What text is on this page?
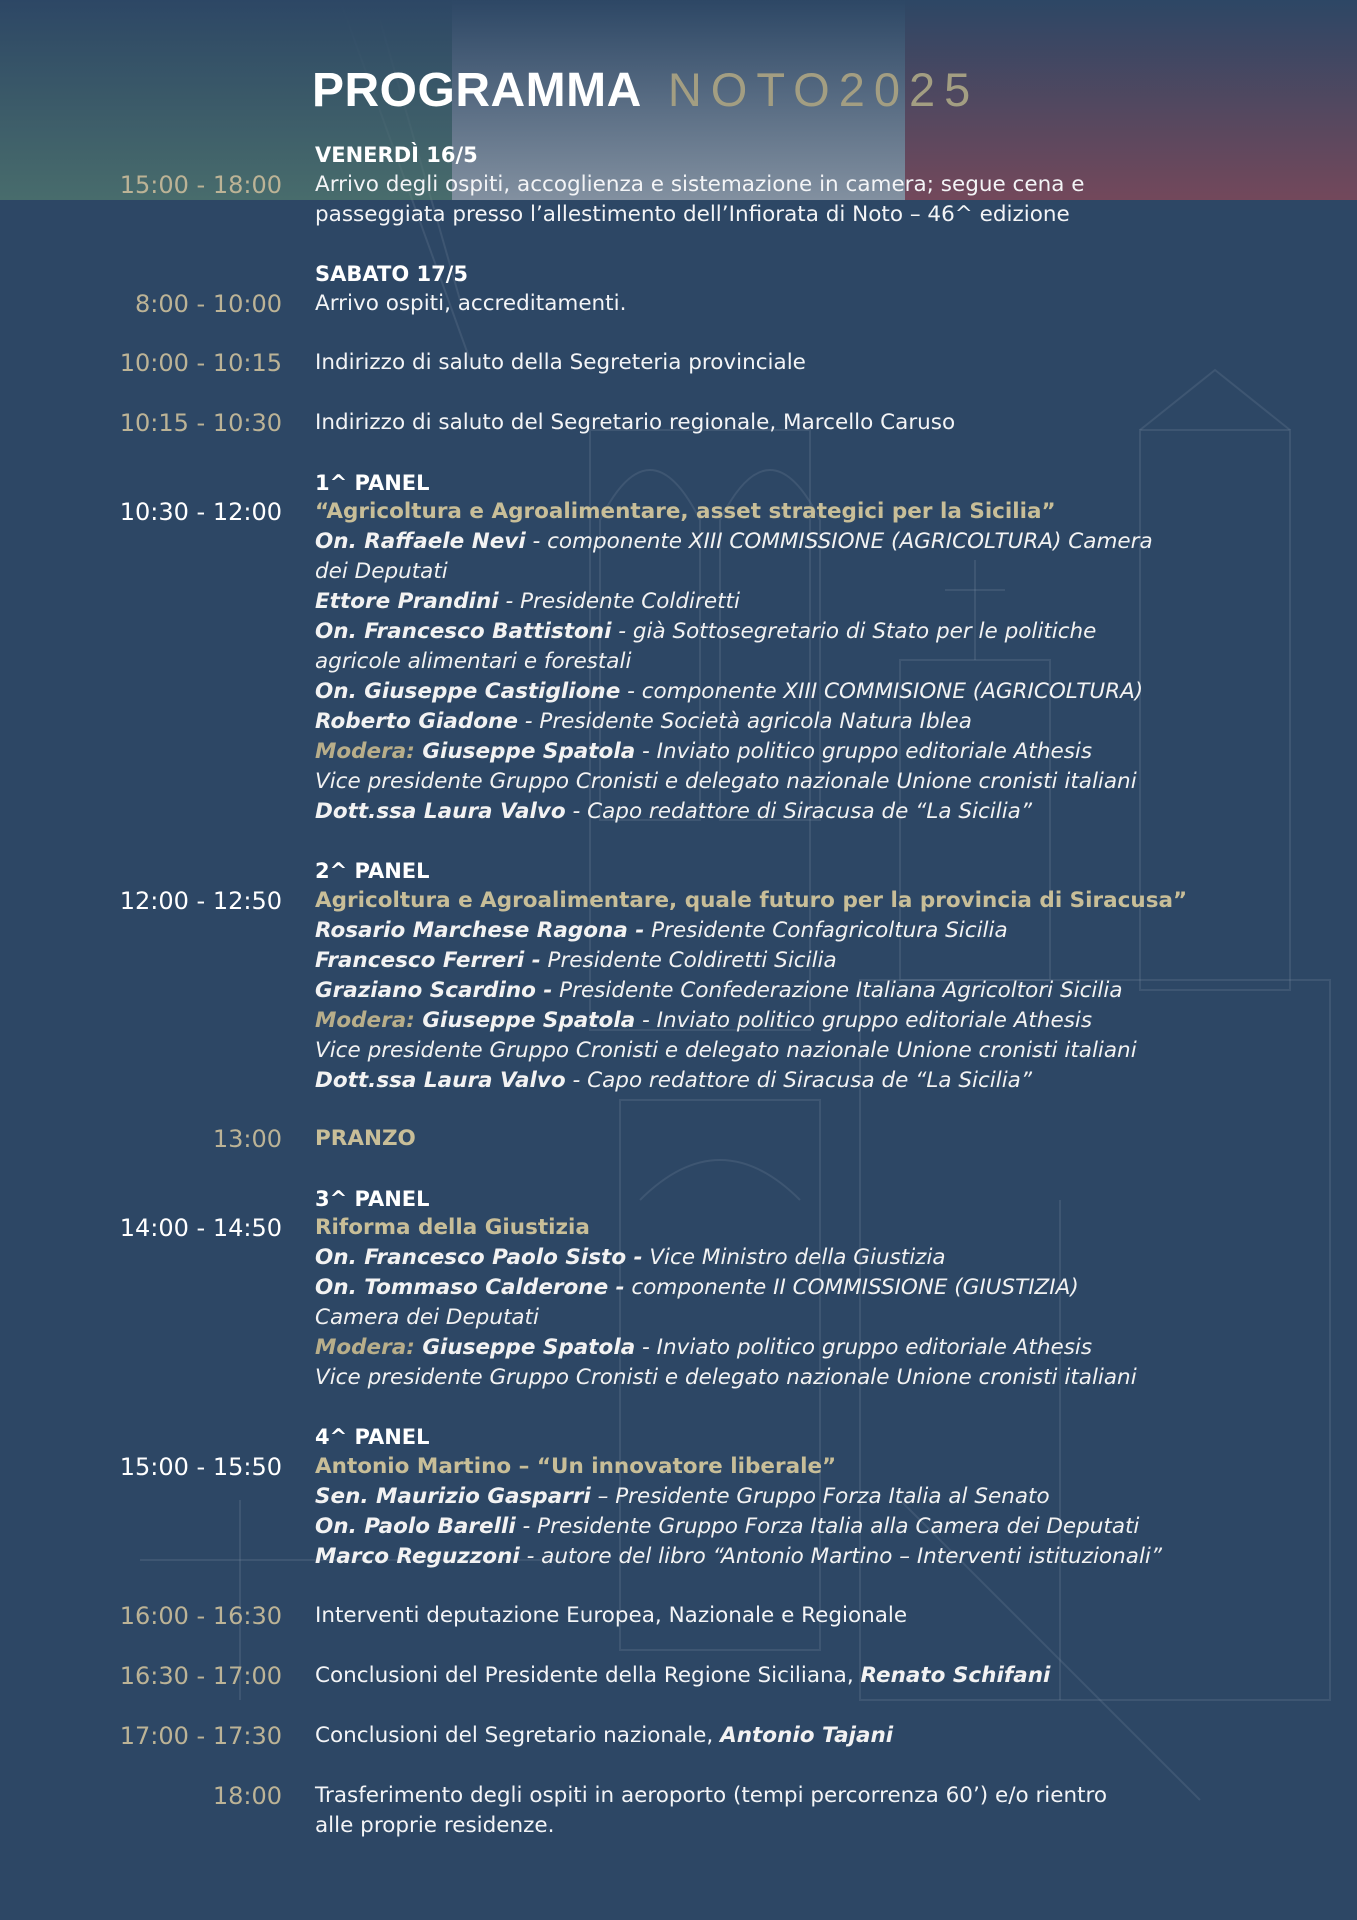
PROGRAMMA NOTO2025
VENERDÌ 16/5
15:00 - 18:00 Arrivo degli ospiti, accoglienza e sistemazione in camera; segue cena e
passeggiata presso l’allestimento dell’Infiorata di Noto – 46^ edizione
SABATO 17/5
8:00 - 10:00 Arrivo ospiti, accreditamenti.
10:00 - 10:15 Indirizzo di saluto della Segreteria provinciale
10:15 - 10:30 Indirizzo di saluto del Segretario regionale, Marcello Caruso
1^ PANEL
10:30 - 12:00 “Agricoltura e Agroalimentare, asset strategici per la Sicilia”
On. Raffaele Nevi - componente XIII COMMISSIONE (AGRICOLTURA) Camera
dei Deputati
Ettore Prandini - Presidente Coldiretti
On. Francesco Battistoni - già Sottosegretario di Stato per le politiche
agricole alimentari e forestali
On. Giuseppe Castiglione - componente XIII COMMISIONE (AGRICOLTURA)
Roberto Giadone - Presidente Società agricola Natura Iblea
Modera: Giuseppe Spatola - Inviato politico gruppo editoriale Athesis
Vice presidente Gruppo Cronisti e delegato nazionale Unione cronisti italiani
Dott.ssa Laura Valvo - Capo redattore di Siracusa de “La Sicilia”
2^ PANEL
12:00 - 12:50 Agricoltura e Agroalimentare, quale futuro per la provincia di Siracusa”
Rosario Marchese Ragona - Presidente Confagricoltura Sicilia
Francesco Ferreri - Presidente Coldiretti Sicilia
Graziano Scardino - Presidente Confederazione Italiana Agricoltori Sicilia
Modera: Giuseppe Spatola - Inviato politico gruppo editoriale Athesis
Vice presidente Gruppo Cronisti e delegato nazionale Unione cronisti italiani
Dott.ssa Laura Valvo - Capo redattore di Siracusa de “La Sicilia”
13:00 PRANZO
3^ PANEL
14:00 - 14:50 Riforma della Giustizia
On. Francesco Paolo Sisto - Vice Ministro della Giustizia
On. Tommaso Calderone - componente II COMMISSIONE (GIUSTIZIA)
Camera dei Deputati
Modera: Giuseppe Spatola - Inviato politico gruppo editoriale Athesis
Vice presidente Gruppo Cronisti e delegato nazionale Unione cronisti italiani
4^ PANEL
15:00 - 15:50 Antonio Martino – “Un innovatore liberale”
Sen. Maurizio Gasparri – Presidente Gruppo Forza Italia al Senato
On. Paolo Barelli - Presidente Gruppo Forza Italia alla Camera dei Deputati
Marco Reguzzoni - autore del libro “Antonio Martino – Interventi istituzionali”
16:00 - 16:30 Interventi deputazione Europea, Nazionale e Regionale
16:30 - 17:00 Conclusioni del Presidente della Regione Siciliana, Renato Schifani
17:00 - 17:30 Conclusioni del Segretario nazionale, Antonio Tajani
18:00 Trasferimento degli ospiti in aeroporto (tempi percorrenza 60’) e/o rientro
alle proprie residenze.
